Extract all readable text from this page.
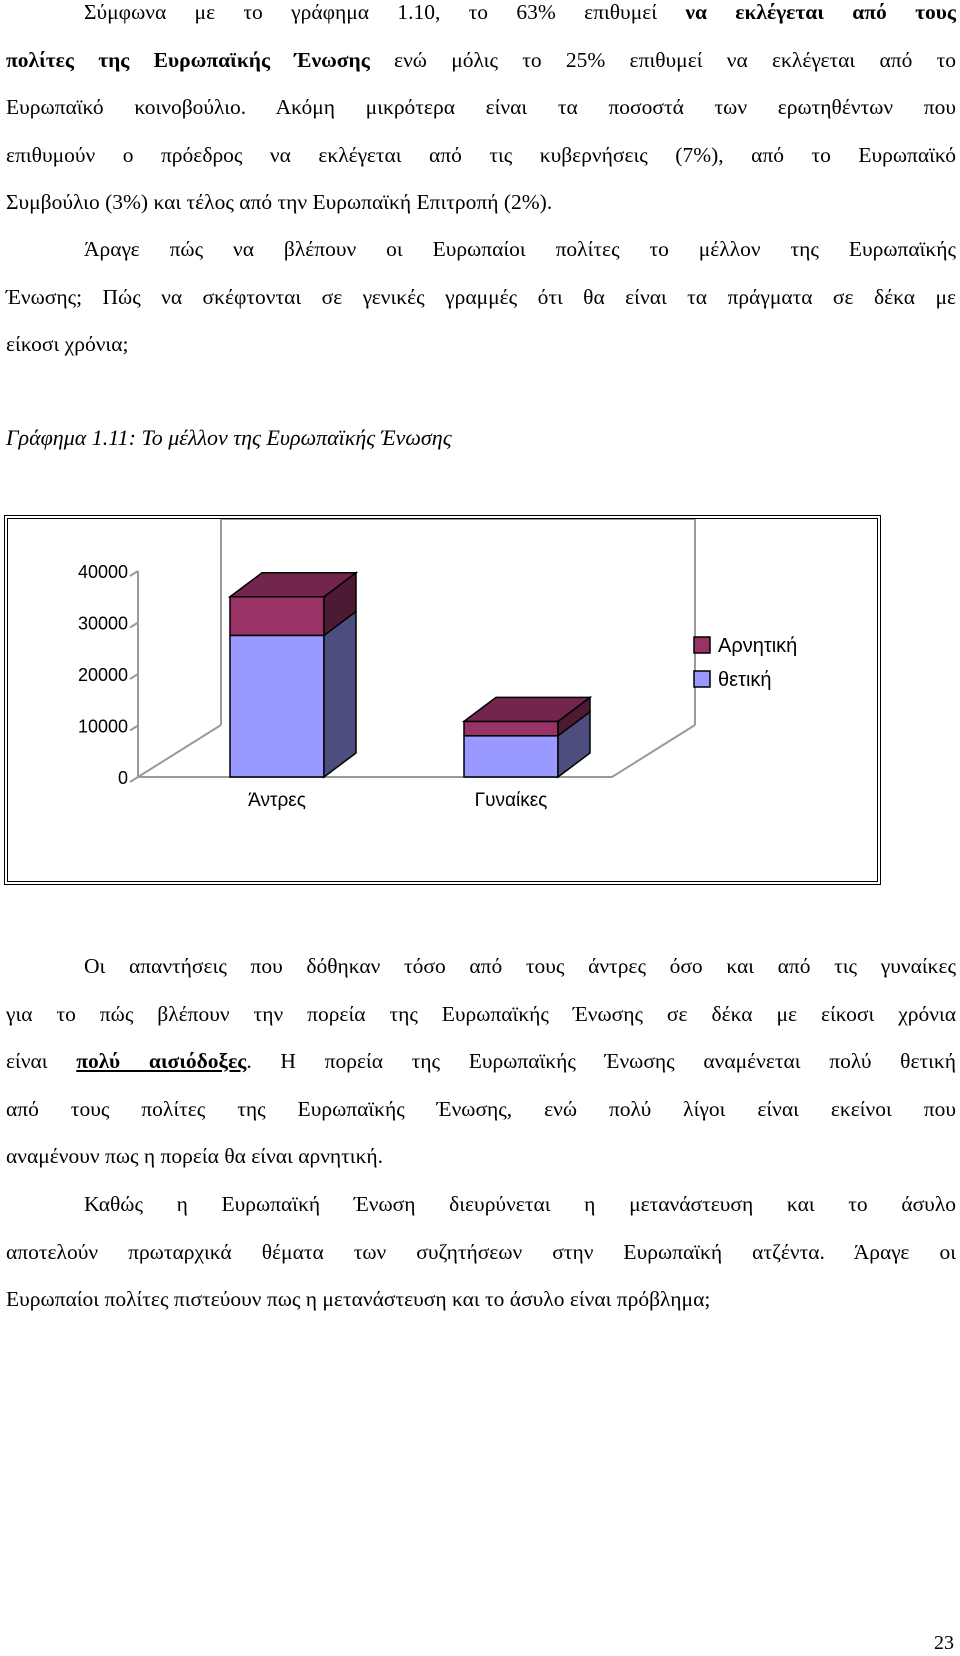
Σύμφωνα με το γράφημα 1.10, το 63% επιθυμεί να εκλέγεται από τους
πολίτες της Ευρωπαϊκής Ένωσης ενώ μόλις το 25% επιθυμεί να εκλέγεται από το
Ευρωπαϊκό κοινοβούλιο. Ακόμη μικρότερα είναι τα ποσοστά των ερωτηθέντων που
επιθυμούν ο πρόεδρος να εκλέγεται από τις κυβερνήσεις (7%), από το Ευρωπαϊκό
Συμβούλιο (3%) και τέλος από την Ευρωπαϊκή Επιτροπή (2%).
Άραγε πώς να βλέπουν οι Ευρωπαίοι πολίτες το μέλλον της Ευρωπαϊκής
Ένωσης; Πώς να σκέφτονται σε γενικές γραμμές ότι θα είναι τα πράγματα σε δέκα με
είκοσι χρόνια;
Γράφημα 1.11: Το μέλλον της Ευρωπαϊκής Ένωσης
0
10000
20000
30000
40000
Άντρες	Γυναίκες
Αρνητική
θετική
Οι απαντήσεις που δόθηκαν τόσο από τους άντρες όσο και από τις γυναίκες
για το πώς βλέπουν την πορεία της Ευρωπαϊκής Ένωσης σε δέκα με είκοσι χρόνια
είναι πολύ αισιόδοξες. Η πορεία της Ευρωπαϊκής Ένωσης αναμένεται πολύ θετική
από τους πολίτες της Ευρωπαϊκής Ένωσης, ενώ πολύ λίγοι είναι εκείνοι που
αναμένουν πως η πορεία θα είναι αρνητική.
Καθώς η Ευρωπαϊκή Ένωση διευρύνεται η μετανάστευση και το άσυλο
αποτελούν πρωταρχικά θέματα των συζητήσεων στην Ευρωπαϊκή ατζέντα. Άραγε οι
Ευρωπαίοι πολίτες πιστεύουν πως η μετανάστευση και το άσυλο είναι πρόβλημα;
23
